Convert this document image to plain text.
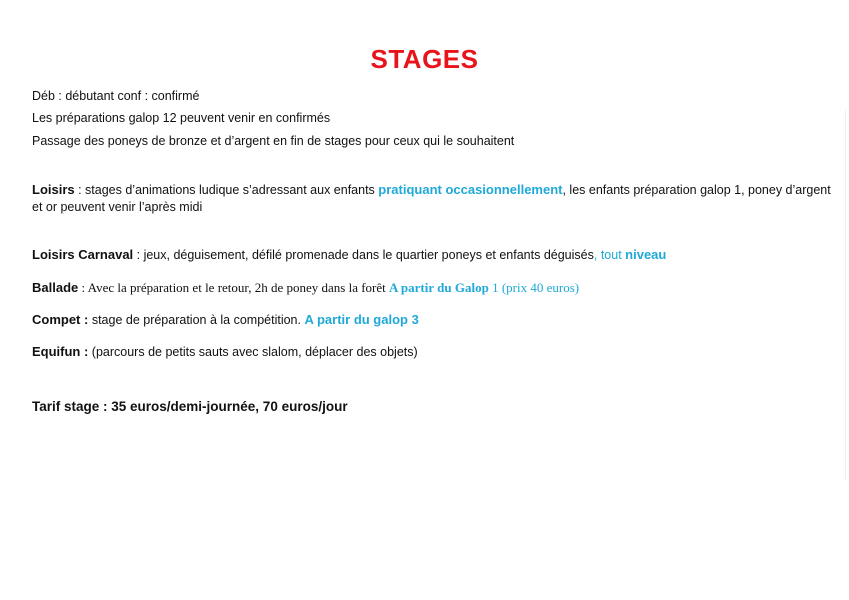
STAGES
Déb : débutant conf : confirmé
Les préparations galop 12 peuvent venir en confirmés
Passage des poneys de bronze et d’argent en fin de stages pour ceux qui le souhaitent
Loisirs : stages d’animations ludique s’adressant aux enfants pratiquant occasionnellement, les enfants préparation galop 1, poney d’argent et or peuvent venir l’après midi
Loisirs Carnaval : jeux, déguisement, défilé promenade dans le quartier poneys et enfants déguisés, tout niveau
Ballade : Avec la préparation et le retour, 2h de poney dans la forêt A partir du Galop 1 (prix 40 euros)
Compet : stage de préparation à la compétition. A partir du galop 3
Equifun : (parcours de petits sauts avec slalom, déplacer des objets)
Tarif stage : 35 euros/demi-journée, 70 euros/jour
